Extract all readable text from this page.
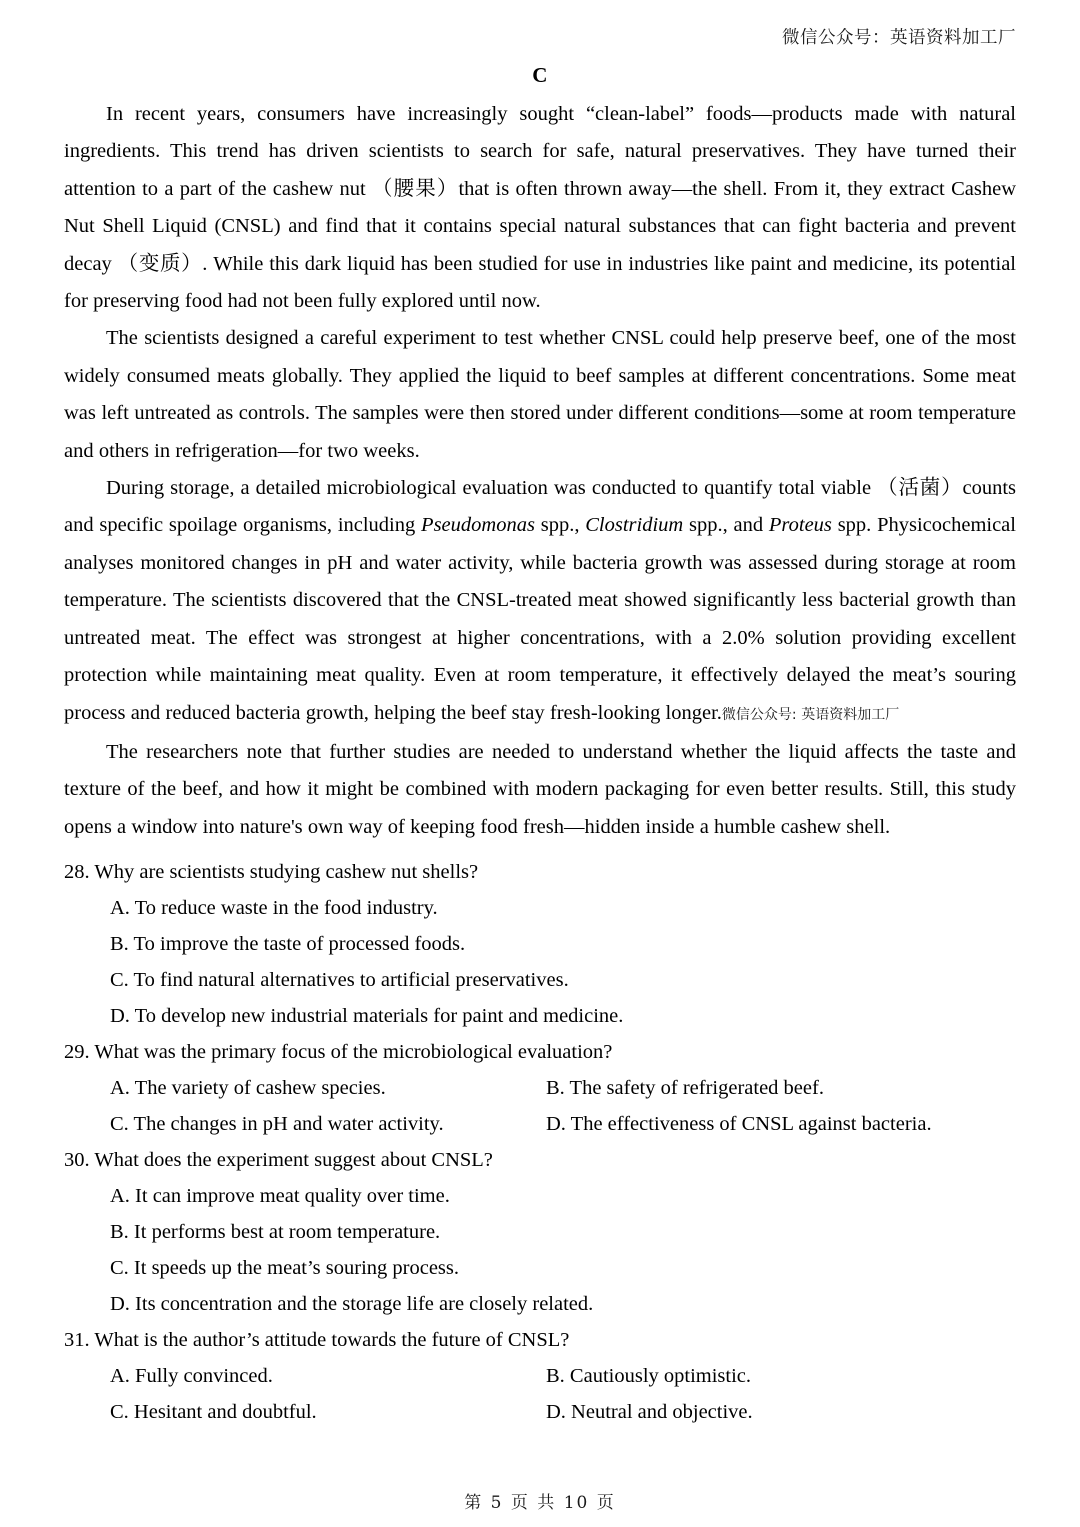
微信公众号：英语资料加工厂
C

In recent years, consumers have increasingly sought “clean-label” foods—products made with natural ingredients. This trend has driven scientists to search for safe, natural preservatives. They have turned their attention to a part of the cashew nut （腰果）that is often thrown away—the shell. From it, they extract Cashew Nut Shell Liquid (CNSL) and find that it contains special natural substances that can fight bacteria and prevent decay （变质）. While this dark liquid has been studied for use in industries like paint and medicine, its potential for preserving food had not been fully explored until now.

The scientists designed a careful experiment to test whether CNSL could help preserve beef, one of the most widely consumed meats globally. They applied the liquid to beef samples at different concentrations. Some meat was left untreated as controls. The samples were then stored under different conditions—some at room temperature and others in refrigeration—for two weeks.

During storage, a detailed microbiological evaluation was conducted to quantify total viable （活菌）counts and specific spoilage organisms, including Pseudomonas spp., Clostridium spp., and Proteus spp. Physicochemical analyses monitored changes in pH and water activity, while bacteria growth was assessed during storage at room temperature. The scientists discovered that the CNSL-treated meat showed significantly less bacterial growth than untreated meat. The effect was strongest at higher concentrations, with a 2.0% solution providing excellent protection while maintaining meat quality. Even at room temperature, it effectively delayed the meat’s souring process and reduced bacteria growth, helping the beef stay fresh-looking longer.微信公众号: 英语资料加工厂

The researchers note that further studies are needed to understand whether the liquid affects the taste and texture of the beef, and how it might be combined with modern packaging for even better results. Still, this study opens a window into nature's own way of keeping food fresh—hidden inside a humble cashew shell.

28. Why are scientists studying cashew nut shells?

A. To reduce waste in the food industry.

B. To improve the taste of processed foods.

C. To find natural alternatives to artificial preservatives.

D. To develop new industrial materials for paint and medicine.

29. What was the primary focus of the microbiological evaluation?

A. The variety of cashew species.	B. The safety of refrigerated beef.
C. The changes in pH and water activity.	D. The effectiveness of CNSL against bacteria.

30. What does the experiment suggest about CNSL?

A. It can improve meat quality over time.

B. It performs best at room temperature.

C. It speeds up the meat’s souring process.

D. Its concentration and the storage life are closely related.

31. What is the author’s attitude towards the future of CNSL?

A. Fully convinced.	B. Cautiously optimistic.
C. Hesitant and doubtful.	D. Neutral and objective.
第 5 页 共 10 页
